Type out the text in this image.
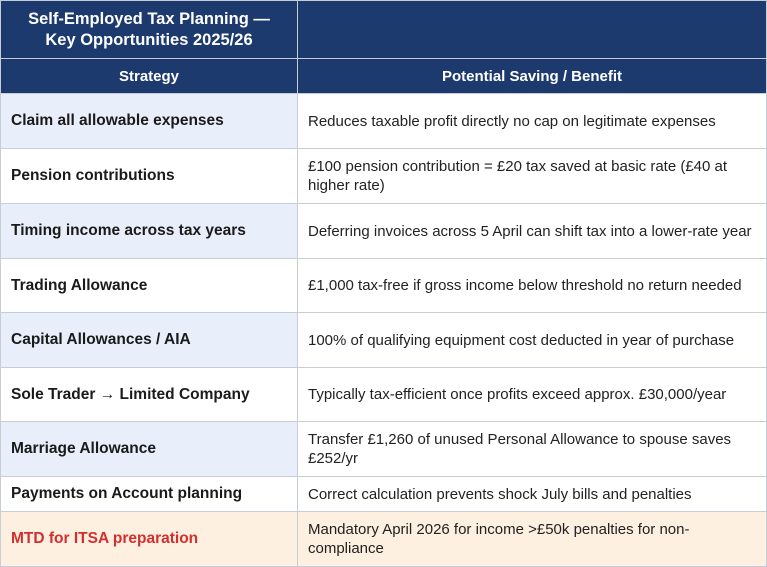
Self-Employed Tax Planning — Key Opportunities 2025/26	
Strategy	Potential Saving / Benefit
Claim all allowable expenses	Reduces taxable profit directly no cap on legitimate expenses
Pension contributions	£100 pension contribution = £20 tax saved at basic rate (£40 at higher rate)
Timing income across tax years	Deferring invoices across 5 April can shift tax into a lower-rate year
Trading Allowance	£1,000 tax-free if gross income below threshold no return needed
Capital Allowances / AIA	100% of qualifying equipment cost deducted in year of purchase
Sole Trader → Limited Company	Typically tax-efficient once profits exceed approx. £30,000/year
Marriage Allowance	Transfer £1,260 of unused Personal Allowance to spouse saves £252/yr
Payments on Account planning	Correct calculation prevents shock July bills and penalties
MTD for ITSA preparation	Mandatory April 2026 for income >£50k penalties for non-compliance
